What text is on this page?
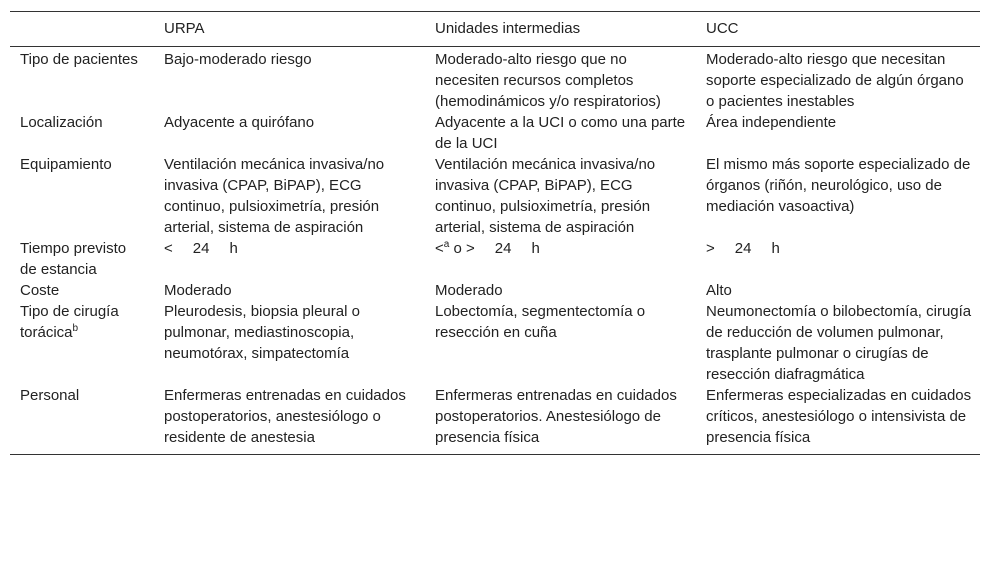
	URPA	Unidades intermedias	UCC
Tipo de pacientes	Bajo-moderado riesgo	Moderado-alto riesgo que no necesiten recursos completos (hemodinámicos y/o respiratorios)	Moderado-alto riesgo que necesitan soporte especializado de algún órgano o pacientes inestables
Localización	Adyacente a quirófano	Adyacente a la UCI o como una parte de la UCI	Área independiente
Equipamiento	Ventilación mecánica invasiva/no invasiva (CPAP, BiPAP), ECG continuo, pulsioximetría, presión arterial, sistema de aspiración	Ventilación mecánica invasiva/no invasiva (CPAP, BiPAP), ECG continuo, pulsioximetría, presión arterial, sistema de aspiración	El mismo más soporte especializado de órganos (riñón, neurológico, uso de mediación vasoactiva)
Tiempo previsto de estancia	< 24 h	<$^a$ o > 24 h	> 24 h
Coste	Moderado	Moderado	Alto
Tipo de cirugía torácica$^b$	Pleurodesis, biopsia pleural o pulmonar, mediastinoscopia, neumotórax, simpatectomía	Lobectomía, segmentectomía o resección en cuña	Neumonectomía o bilobectomía, cirugía de reducción de volumen pulmonar, trasplante pulmonar o cirugías de resección diafragmática
Personal	Enfermeras entrenadas en cuidados postoperatorios, anestesiólogo o residente de anestesia	Enfermeras entrenadas en cuidados postoperatorios. Anestesiólogo de presencia física	Enfermeras especializadas en cuidados críticos, anestesiólogo o intensivista de presencia física
